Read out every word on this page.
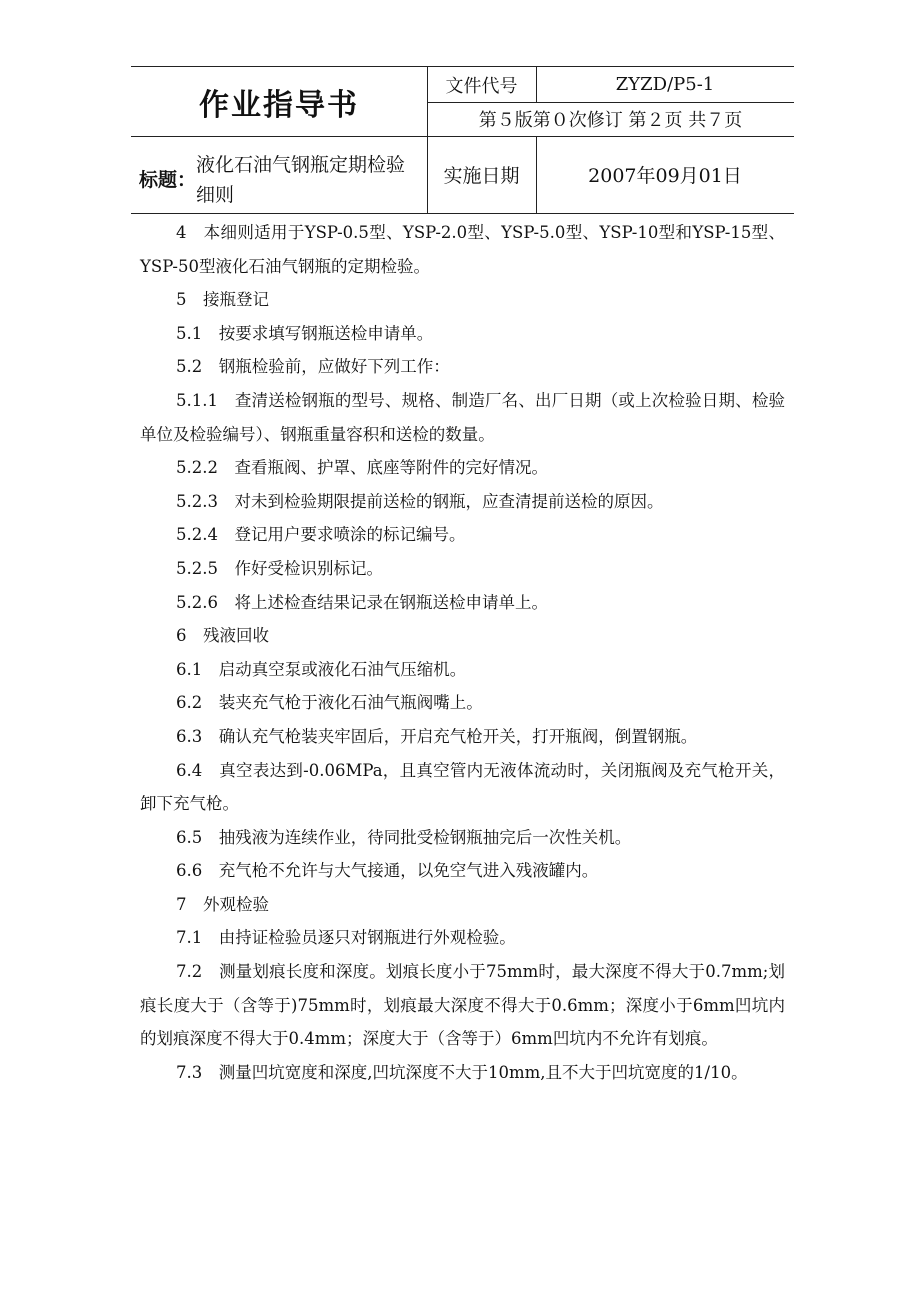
作业指导书
文件代号	ZYZD/P5-1
第５版第０次修订 第２页 共７页
标题：
液化石油气钢瓶定期检验细则
实施日期	2007年09月01日

4　本细则适用于YSP-0.5型、YSP-2.0型、YSP-5.0型、YSP-10型和YSP-15型、YSP-50型液化石油气钢瓶的定期检验。

5　接瓶登记

5.1　按要求填写钢瓶送检申请单。

5.2　钢瓶检验前，应做好下列工作：

5.1.1　查清送检钢瓶的型号、规格、制造厂名、出厂日期（或上次检验日期、检验单位及检验编号）、钢瓶重量容积和送检的数量。

5.2.2　查看瓶阀、护罩、底座等附件的完好情况。

5.2.3　对未到检验期限提前送检的钢瓶，应查清提前送检的原因。

5.2.4　登记用户要求喷涂的标记编号。

5.2.5　作好受检识别标记。

5.2.6　将上述检查结果记录在钢瓶送检申请单上。

6　残液回收

6.1　启动真空泵或液化石油气压缩机。

6.2　装夹充气枪于液化石油气瓶阀嘴上。

6.3　确认充气枪装夹牢固后，开启充气枪开关，打开瓶阀，倒置钢瓶。

6.4　真空表达到-0.06MPa，且真空管内无液体流动时，关闭瓶阀及充气枪开关，卸下充气枪。

6.5　抽残液为连续作业，待同批受检钢瓶抽完后一次性关机。

6.6　充气枪不允许与大气接通，以免空气进入残液罐内。

7　外观检验

7.1　由持证检验员逐只对钢瓶进行外观检验。

7.2　测量划痕长度和深度。划痕长度小于75mm时，最大深度不得大于0.7mm;划痕长度大于（含等于)75mm时，划痕最大深度不得大于0.6mm；深度小于6mm凹坑内的划痕深度不得大于0.4mm；深度大于（含等于）6mm凹坑内不允许有划痕。

7.3　测量凹坑宽度和深度,凹坑深度不大于10mm,且不大于凹坑宽度的1/10。
